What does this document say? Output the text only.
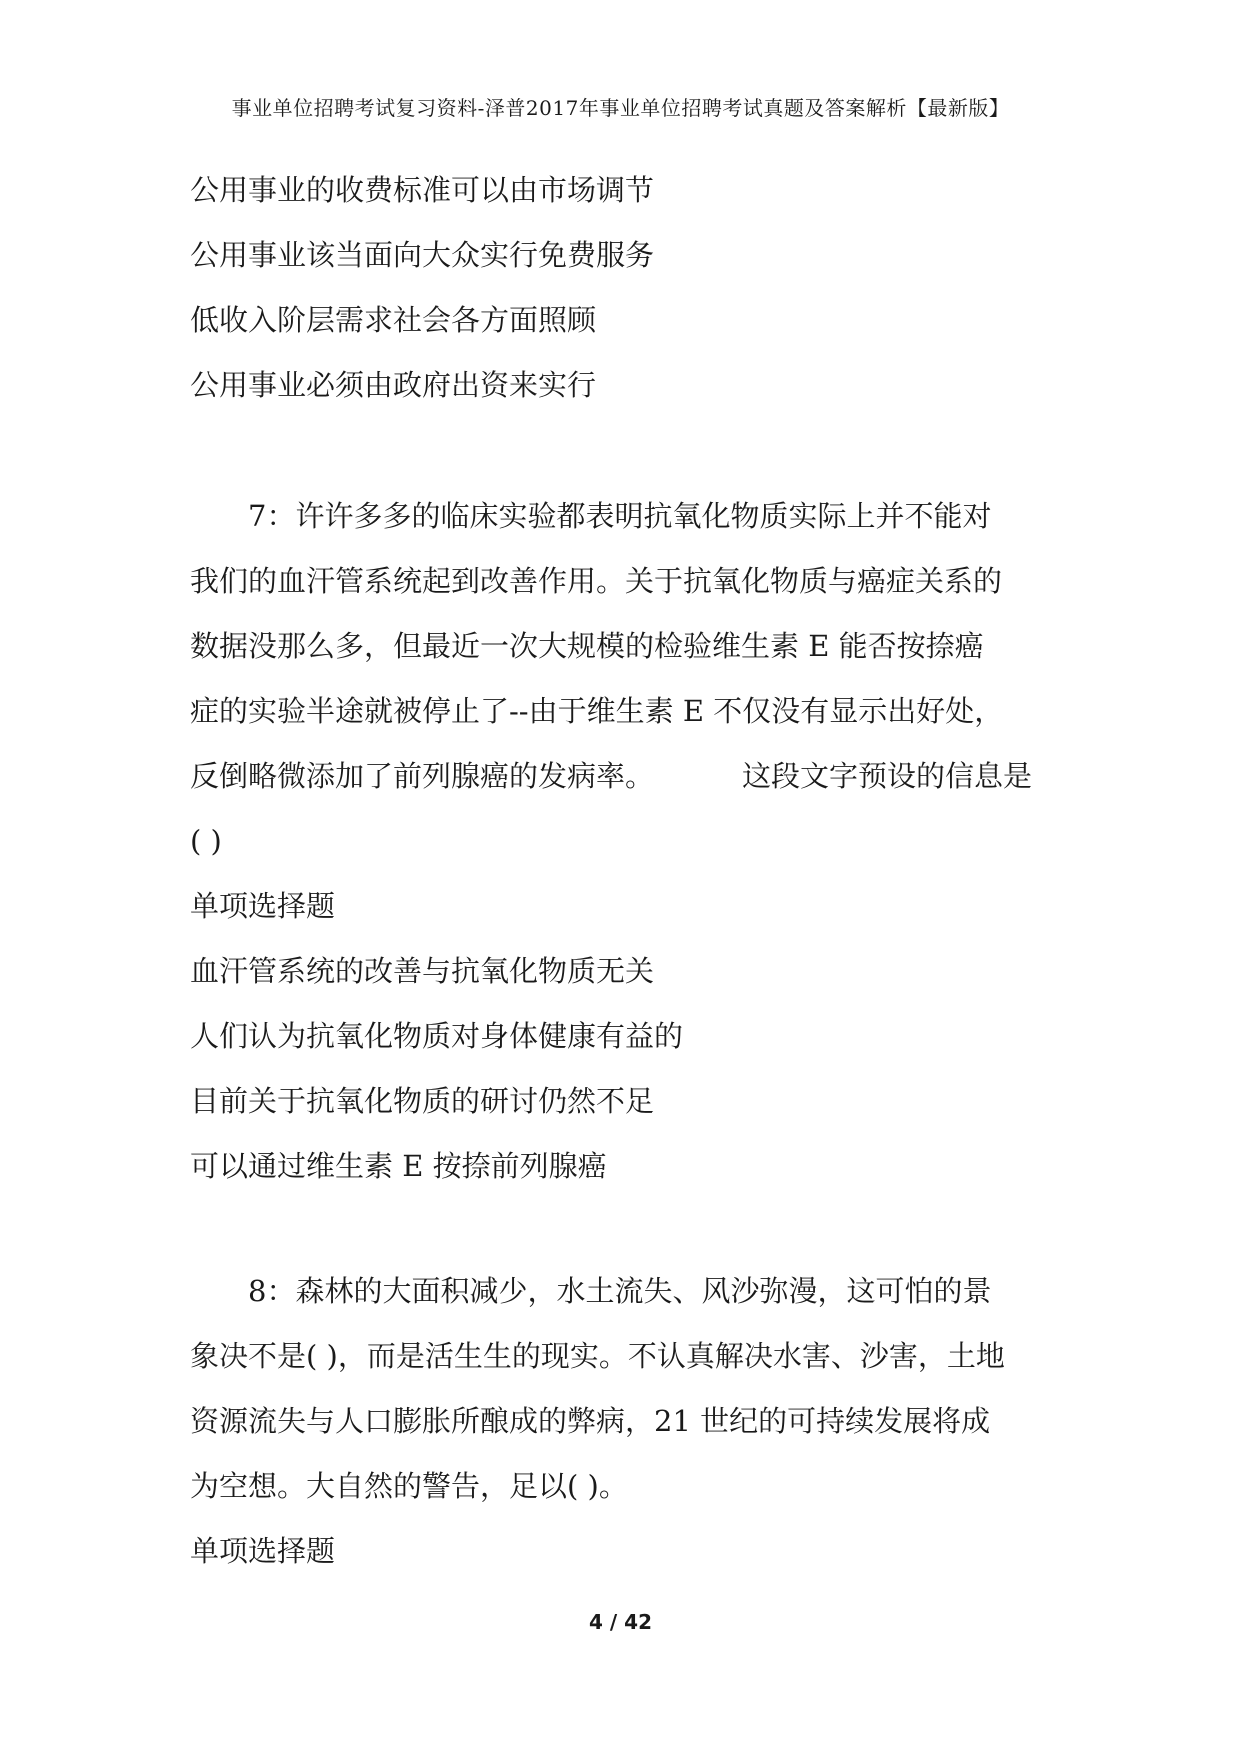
事业单位招聘考试复习资料-泽普2017年事业单位招聘考试真题及答案解析【最新版】
公用事业的收费标准可以由市场调节
公用事业该当面向大众实行免费服务
低收入阶层需求社会各方面照顾
公用事业必须由政府出资来实行
7：许许多多的临床实验都表明抗氧化物质实际上并不能对
我们的血汗管系统起到改善作用。关于抗氧化物质与癌症关系的
数据没那么多，但最近一次大规模的检验维生素 E 能否按捺癌
症的实验半途就被停止了--由于维生素 E 不仅没有显示出好处，
反倒略微添加了前列腺癌的发病率。	这段文字预设的信息是
( )
单项选择题
血汗管系统的改善与抗氧化物质无关
人们认为抗氧化物质对身体健康有益的
目前关于抗氧化物质的研讨仍然不足
可以通过维生素 E 按捺前列腺癌
8：森林的大面积减少，水土流失、风沙弥漫，这可怕的景
象决不是( )，而是活生生的现实。不认真解决水害、沙害，土地
资源流失与人口膨胀所酿成的弊病，21 世纪的可持续发展将成
为空想。大自然的警告，足以( )。
单项选择题
4 / 42
